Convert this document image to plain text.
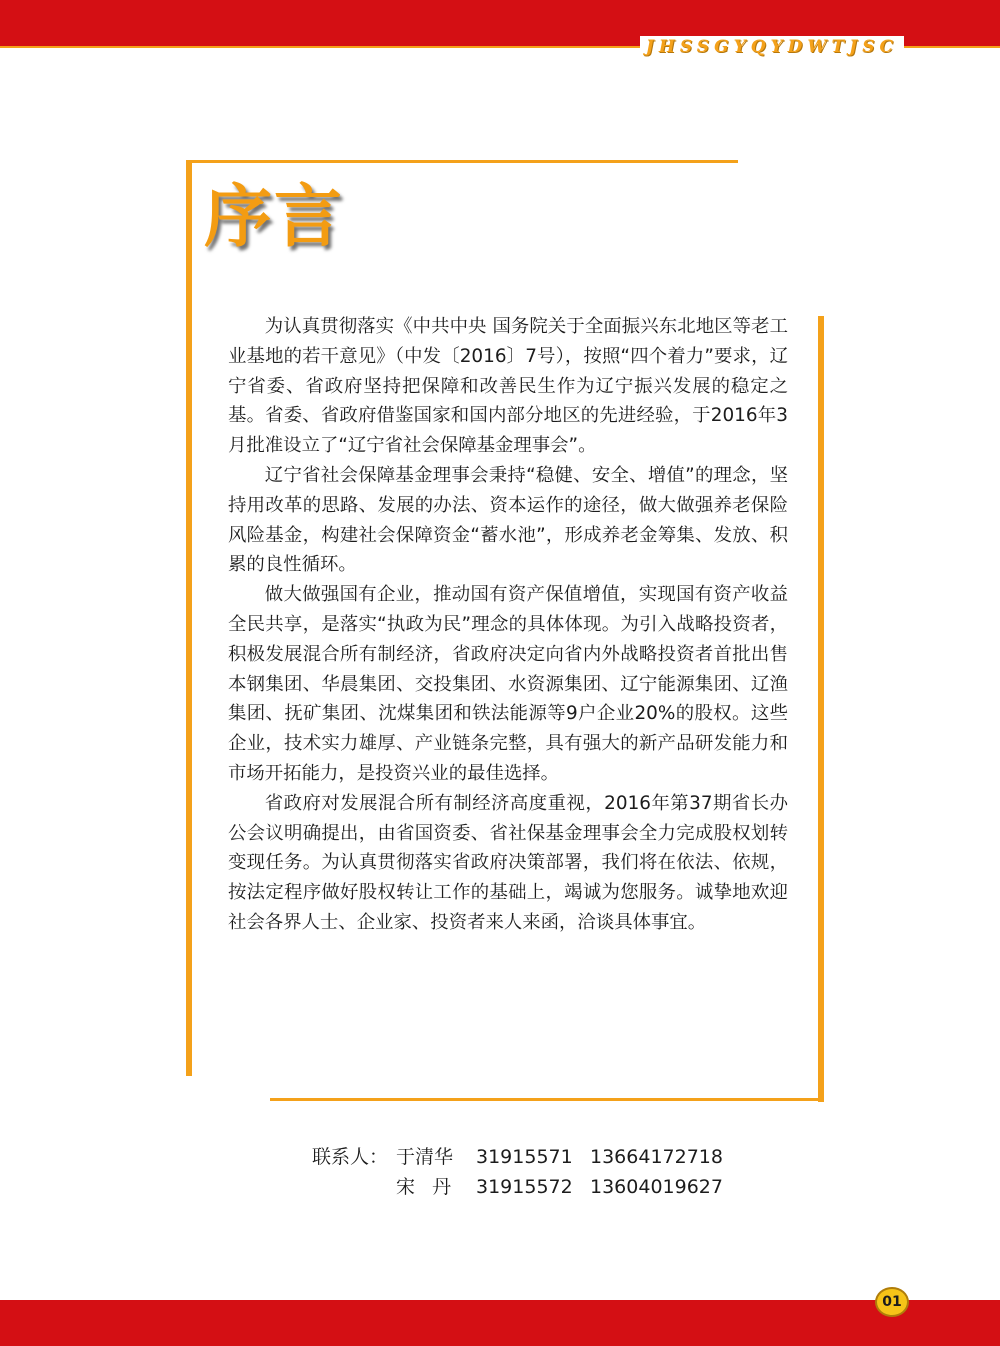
JHSSGYQYDWTJSC
序言

为认真贯彻落实《中共中央 国务院关于全面振兴东北地区等老工业基地的若干意见》（中发〔2016〕7号），按照“四个着力”要求，辽宁省委、省政府坚持把保障和改善民生作为辽宁振兴发展的稳定之基。省委、省政府借鉴国家和国内部分地区的先进经验，于2016年3月批准设立了“辽宁省社会保障基金理事会”。

辽宁省社会保障基金理事会秉持“稳健、安全、增值”的理念，坚持用改革的思路、发展的办法、资本运作的途径，做大做强养老保险风险基金，构建社会保障资金“蓄水池”，形成养老金筹集、发放、积累的良性循环。

做大做强国有企业，推动国有资产保值增值，实现国有资产收益全民共享，是落实“执政为民”理念的具体体现。为引入战略投资者，积极发展混合所有制经济，省政府决定向省内外战略投资者首批出售本钢集团、华晨集团、交投集团、水资源集团、辽宁能源集团、辽渔集团、抚矿集团、沈煤集团和铁法能源等9户企业20%的股权。这些企业，技术实力雄厚、产业链条完整，具有强大的新产品研发能力和市场开拓能力，是投资兴业的最佳选择。

省政府对发展混合所有制经济高度重视，2016年第37期省长办公会议明确提出，由省国资委、省社保基金理事会全力完成股权划转变现任务。为认真贯彻落实省政府决策部署，我们将在依法、依规，按法定程序做好股权转让工作的基础上，竭诚为您服务。诚挚地欢迎社会各界人士、企业家、投资者来人来函，洽谈具体事宜。

联系人： 于清华	31915571 13664172718
宋丹 31915572 13604019627
01
